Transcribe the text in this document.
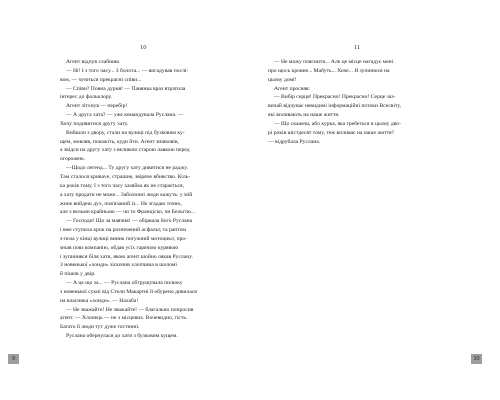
10
Агент відпув слабиню.
— Ні! І з того часу... З болота... — вигадував послі-
вом, — чуються прекрасні співи...
— Співи? Повна дурня! — Панянка враз втратила
інтерес до фольклору.
Агент зітхнув — перебір!
— А друга хата? — уже командувала Руслана. —
Хочу подивитися другу хату.
Вийшли з двору, стали на вулиці під бузковим ку-
щем, мовляв, покажіть, куди йти. Агент зніяковів,
а звідси на другу хату з великою старою лавкою перед
огорожею.
—Щодо легенд... Ту другу хату дивитися не раджу.
Там сталося кривave, страшне, звіряче вбивство. Кіль-
ка років тому. І з того часу хазяйка як не старається,
а хату продати не може... Заболонні люди кажуть: у мій
жиnе вийдеш дух, пов'язаний із... Не згадаю точно,
але з вельми крайньою — чи то Франціско, чи Бельгію...
— Господи! Що за маячня! — обірвала його Руслана
і вже ступила крок на розпечений асфальт, та раптом
з-поза у кінці вулиці виник потужний мотоцикл, про-
мчав повз компанію, обдав усіх гарячою курявою
і зупинився біля хати, якою агент шойно лякав Руслану.
З новенької «хонди» зіскочив хлопчина в шоломі
й пішов у двір.
— А це що за... — Руслана обтрушувала пилюку
з новенької сукні від Стели Макартні й обурено дивилася
на власника «хонди». — Нахаба!
— Не зважайте! Не зважайте! — благально попросив
агент. — Хлопець — не з місцевих. Вочевидно, гість.
Багато й люди тут дуже гостинні.
Руслана обернулася до хати з бузковим кущем.
9
11
— Не можу пояснити... Але це місце нагадує мені
про щось кровне... Мабуть... Хоче... Я зупинюся на
цьому домі!
Агент просяяв:
— Вибір серця! Прекрасно! Прекрасно! Серце заз-
вичай відчуває невидимі інформаційні потоки Всесвіту,
які впливають на наше життя.
— Що скажеш, або курка, яка гребеться в цьому дво-
рі років шістдесят тому, теж впливає на наше життя?
— відрубала Руслана.
10
